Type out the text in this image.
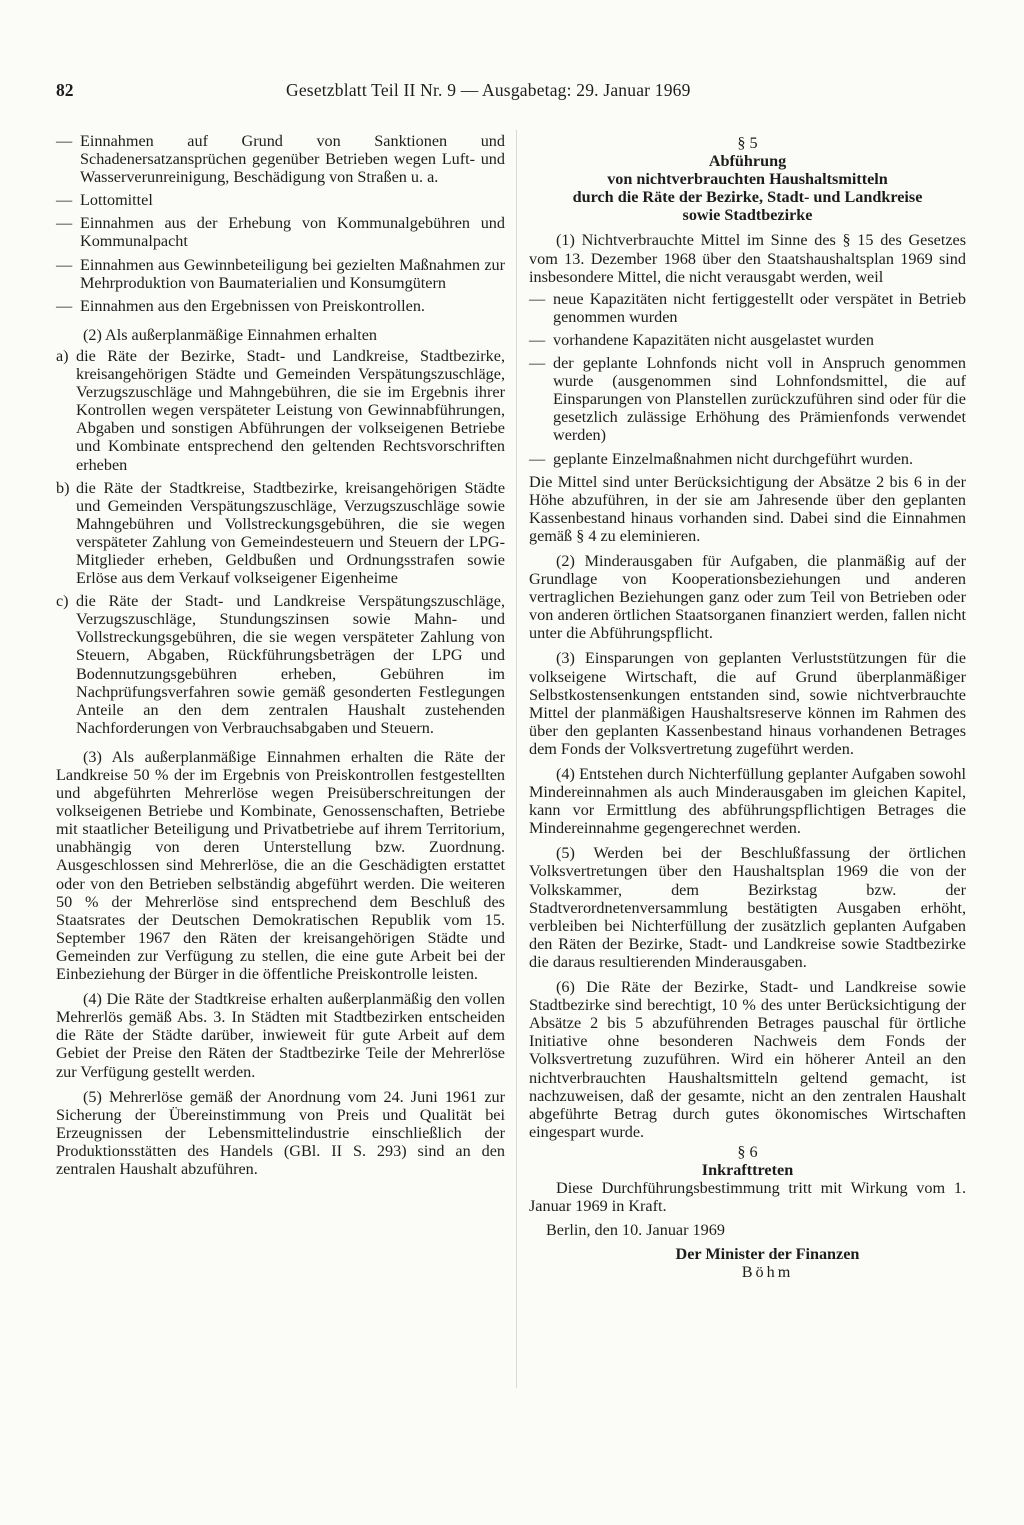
82	Gesetzblatt Teil II Nr. 9 — Ausgabetag: 29. Januar 1969
— Einnahmen auf Grund von Sanktionen und Schadenersatzansprüchen gegenüber Betrieben wegen Luft- und Wasserverunreinigung, Beschädigung von Straßen u. a.
— Lottomittel
— Einnahmen aus der Erhebung von Kommunalgebühren und Kommunalpacht
— Einnahmen aus Gewinnbeteiligung bei gezielten Maßnahmen zur Mehrproduktion von Baumaterialien und Konsumgütern
— Einnahmen aus den Ergebnissen von Preiskontrollen.

(2) Als außerplanmäßige Einnahmen erhalten

a) die Räte der Bezirke, Stadt- und Landkreise, Stadtbezirke, kreisangehörigen Städte und Gemeinden Verspätungszuschläge, Verzugszuschläge und Mahngebühren, die sie im Ergebnis ihrer Kontrollen wegen verspäteter Leistung von Gewinnabführungen, Abgaben und sonstigen Abführungen der volkseigenen Betriebe und Kombinate entsprechend den geltenden Rechtsvorschriften erheben
b) die Räte der Stadtkreise, Stadtbezirke, kreisangehörigen Städte und Gemeinden Verspätungszuschläge, Verzugszuschläge sowie Mahngebühren und Vollstreckungsgebühren, die sie wegen verspäteter Zahlung von Gemeindesteuern und Steuern der LPG-Mitglieder erheben, Geldbußen und Ordnungsstrafen sowie Erlöse aus dem Verkauf volkseigener Eigenheime
c) die Räte der Stadt- und Landkreise Verspätungszuschläge, Verzugszuschläge, Stundungszinsen sowie Mahn- und Vollstreckungsgebühren, die sie wegen verspäteter Zahlung von Steuern, Abgaben, Rückführungsbeträgen der LPG und Bodennutzungsgebühren erheben, Gebühren im Nachprüfungsverfahren sowie gemäß gesonderten Festlegungen Anteile an den dem zentralen Haushalt zustehenden Nachforderungen von Verbrauchsabgaben und Steuern.

(3) Als außerplanmäßige Einnahmen erhalten die Räte der Landkreise 50 % der im Ergebnis von Preiskontrollen festgestellten und abgeführten Mehrerlöse wegen Preisüberschreitungen der volkseigenen Betriebe und Kombinate, Genossenschaften, Betriebe mit staatlicher Beteiligung und Privatbetriebe auf ihrem Territorium, unabhängig von deren Unterstellung bzw. Zuordnung. Ausgeschlossen sind Mehrerlöse, die an die Geschädigten erstattet oder von den Betrieben selbständig abgeführt werden. Die weiteren 50 % der Mehrerlöse sind entsprechend dem Beschluß des Staatsrates der Deutschen Demokratischen Republik vom 15. September 1967 den Räten der kreisangehörigen Städte und Gemeinden zur Verfügung zu stellen, die eine gute Arbeit bei der Einbeziehung der Bürger in die öffentliche Preiskontrolle leisten.

(4) Die Räte der Stadtkreise erhalten außerplanmäßig den vollen Mehrerlös gemäß Abs. 3. In Städten mit Stadtbezirken entscheiden die Räte der Städte darüber, inwieweit für gute Arbeit auf dem Gebiet der Preise den Räten der Stadtbezirke Teile der Mehrerlöse zur Verfügung gestellt werden.

(5) Mehrerlöse gemäß der Anordnung vom 24. Juni 1961 zur Sicherung der Übereinstimmung von Preis und Qualität bei Erzeugnissen der Lebensmittelindustrie einschließlich der Produktionsstätten des Handels (GBl. II S. 293) sind an den zentralen Haushalt abzuführen.

§ 5
Abführung
von nichtverbrauchten Haushaltsmitteln
durch die Räte der Bezirke, Stadt- und Landkreise
sowie Stadtbezirke

(1) Nichtverbrauchte Mittel im Sinne des § 15 des Gesetzes vom 13. Dezember 1968 über den Staatshaushaltsplan 1969 sind insbesondere Mittel, die nicht verausgabt werden, weil

— neue Kapazitäten nicht fertiggestellt oder verspätet in Betrieb genommen wurden
— vorhandene Kapazitäten nicht ausgelastet wurden
— der geplante Lohnfonds nicht voll in Anspruch genommen wurde (ausgenommen sind Lohnfondsmittel, die auf Einsparungen von Planstellen zurückzuführen sind oder für die gesetzlich zulässige Erhöhung des Prämienfonds verwendet werden)
— geplante Einzelmaßnahmen nicht durchgeführt wurden.

Die Mittel sind unter Berücksichtigung der Absätze 2 bis 6 in der Höhe abzuführen, in der sie am Jahresende über den geplanten Kassenbestand hinaus vorhanden sind. Dabei sind die Einnahmen gemäß § 4 zu eleminieren.

(2) Minderausgaben für Aufgaben, die planmäßig auf der Grundlage von Kooperationsbeziehungen und anderen vertraglichen Beziehungen ganz oder zum Teil von Betrieben oder von anderen örtlichen Staatsorganen finanziert werden, fallen nicht unter die Abführungspflicht.

(3) Einsparungen von geplanten Verluststützungen für die volkseigene Wirtschaft, die auf Grund überplanmäßiger Selbstkostensenkungen entstanden sind, sowie nichtverbrauchte Mittel der planmäßigen Haushaltsreserve können im Rahmen des über den geplanten Kassenbestand hinaus vorhandenen Betrages dem Fonds der Volksvertretung zugeführt werden.

(4) Entstehen durch Nichterfüllung geplanter Aufgaben sowohl Mindereinnahmen als auch Minderausgaben im gleichen Kapitel, kann vor Ermittlung des abführungspflichtigen Betrages die Mindereinnahme gegengerechnet werden.

(5) Werden bei der Beschlußfassung der örtlichen Volksvertretungen über den Haushaltsplan 1969 die von der Volkskammer, dem Bezirkstag bzw. der Stadtverordnetenversammlung bestätigten Ausgaben erhöht, verbleiben bei Nichterfüllung der zusätzlich geplanten Aufgaben den Räten der Bezirke, Stadt- und Landkreise sowie Stadtbezirke die daraus resultierenden Minderausgaben.

(6) Die Räte der Bezirke, Stadt- und Landkreise sowie Stadtbezirke sind berechtigt, 10 % des unter Berücksichtigung der Absätze 2 bis 5 abzuführenden Betrages pauschal für örtliche Initiative ohne besonderen Nachweis dem Fonds der Volksvertretung zuzuführen. Wird ein höherer Anteil an den nichtverbrauchten Haushaltsmitteln geltend gemacht, ist nachzuweisen, daß der gesamte, nicht an den zentralen Haushalt abgeführte Betrag durch gutes ökonomisches Wirtschaften eingespart wurde.

§ 6
Inkrafttreten

Diese Durchführungsbestimmung tritt mit Wirkung vom 1. Januar 1969 in Kraft.

Berlin, den 10. Januar 1969

Der Minister der Finanzen
Böhm
